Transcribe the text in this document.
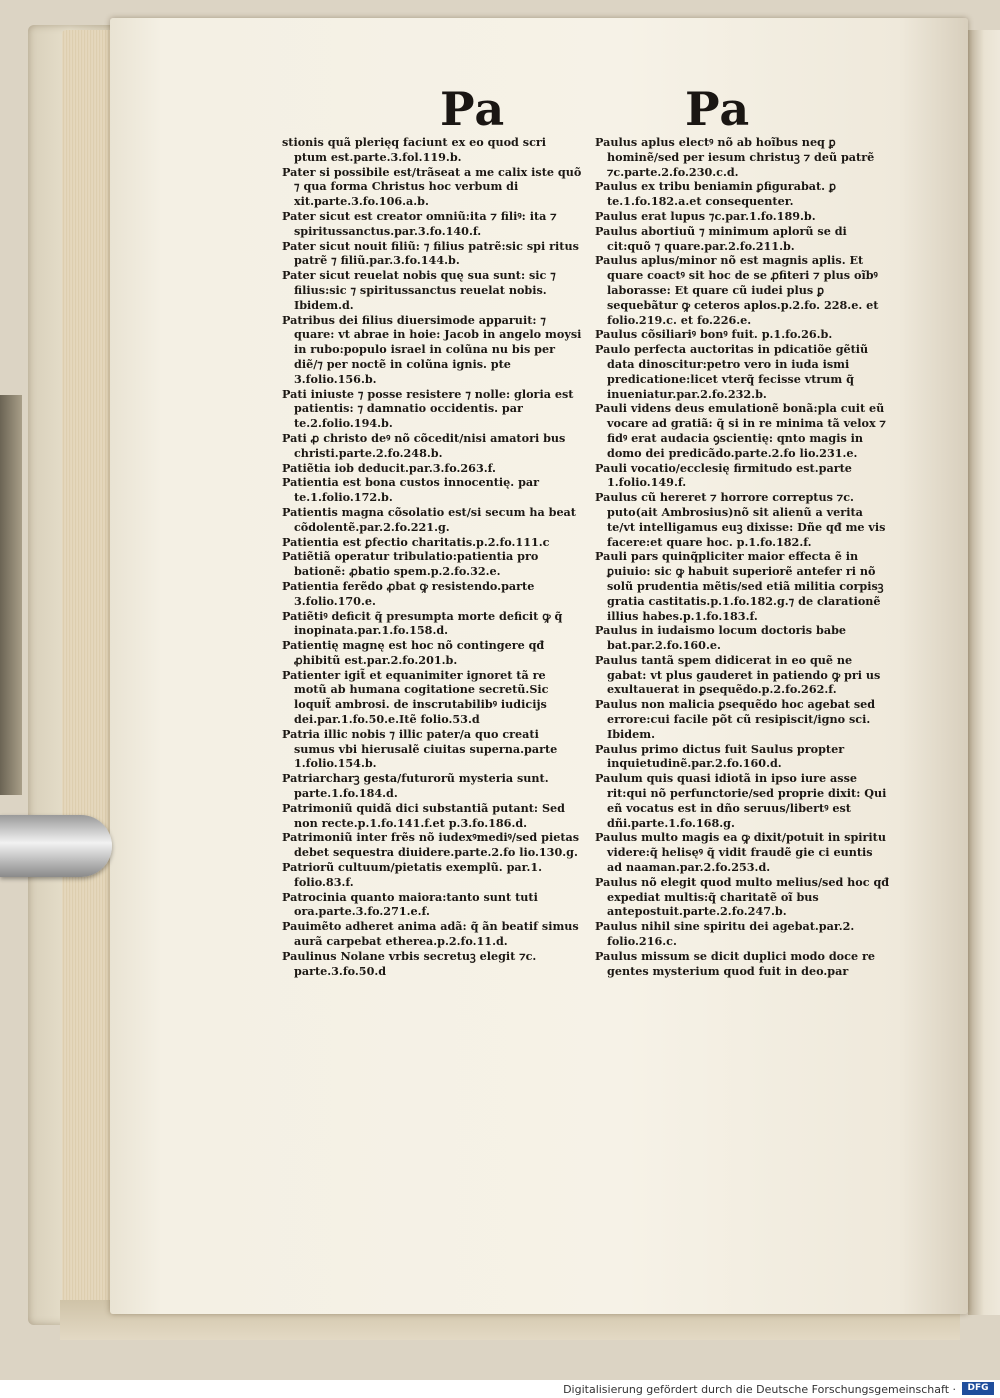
Pa	Pa

stionis quã plerięq faciunt ex eo quod scri ptum est.parte.3.fol.119.b.

Pater si possibile est/trãseat a me calix iste quõ ⁊ qua forma Christus hoc verbum di xit.parte.3.fo.106.a.b.

Pater sicut est creator omniũ:ita ⁊ filiꝰ: ita ⁊ spiritussanctus.par.3.fo.140.f.

Pater sicut nouit filiũ: ⁊ filius patrẽ:sic spi ritus patrẽ ⁊ filiũ.par.3.fo.144.b.

Pater sicut reuelat nobis quę sua sunt: sic ⁊ filius:sic ⁊ spiritussanctus reuelat nobis. Ibidem.d.

Patribus dei filius diuersimode apparuit: ⁊ quare: vt abrae in hoie: Jacob in angelo moysi in rubo:populo israel in colũna nu bis per diẽ/⁊ per noctẽ in colũna ignis. pte 3.folio.156.b.

Pati iniuste ⁊ posse resistere ⁊ nolle: gloria est patientis: ⁊ damnatio occidentis. par te.2.folio.194.b.

Pati ꝓ christo deꝰ nõ cõcedit/nisi amatori bus christi.parte.2.fo.248.b.

Patiẽtia iob deducit.par.3.fo.263.f.

Patientia est bona custos innocentię. par te.1.folio.172.b.

Patientis magna cõsolatio est/si secum ha beat cõdolentẽ.par.2.fo.221.g.

Patientia est ꝑfectio charitatis.p.2.fo.111.c

Patiẽtiã operatur tribulatio:patientia pro bationẽ: ꝓbatio spem.p.2.fo.32.e.

Patientia ferẽdo ꝓbat ꝙ resistendo.parte 3.folio.170.e.

Patiẽtiꝰ deficit q̃ presumpta morte deficit ꝙ q̃ inopinata.par.1.fo.158.d.

Patientię magnę est hoc nõ contingere qđ ꝓhibitũ est.par.2.fo.201.b.

Patienter igit̃ et equanimiter ignoret tã re motũ ab humana cogitatione secretũ.Sic loquit̃ ambrosi. de inscrutabilibꝰ iudicijs dei.par.1.fo.50.e.Itẽ folio.53.d

Patria illic nobis ⁊ illic pater/a quo creati sumus vbi hierusalẽ ciuitas superna.parte 1.folio.154.b.

Patriarcharꝫ gesta/futurorũ mysteria sunt. parte.1.fo.184.d.

Patrimoniũ quidã dici substantiã putant: Sed non recte.p.1.fo.141.f.et p.3.fo.186.d.

Patrimoniũ inter frẽs nõ iudexꝰmediꝰ/sed pietas debet sequestra diuidere.parte.2.fo lio.130.g.

Patriorũ cultuum/pietatis exemplũ. par.1. folio.83.f.

Patrocinia quanto maiora:tanto sunt tuti ora.parte.3.fo.271.e.f.

Pauimẽto adheret anima adã: q̃ ãn beatif simus aurã carpebat etherea.p.2.fo.11.d.

Paulinus Nolane vrbis secretuꝫ elegit ⁊c. parte.3.fo.50.d

Paulus aplus electꝰ nõ ab hoĩbus neq ꝑ hominẽ/sed per iesum christuꝫ ⁊ deũ patrẽ ⁊c.parte.2.fo.230.c.d.

Paulus ex tribu beniamin ꝑfigurabat. ꝑ te.1.fo.182.a.et consequenter.

Paulus erat lupus ⁊c.par.1.fo.189.b.

Paulus abortiuũ ⁊ minimum aplorũ se di cit:quõ ⁊ quare.par.2.fo.211.b.

Paulus aplus/minor nõ est magnis aplis. Et quare coactꝰ sit hoc de se ꝓfiteri ⁊ plus oĩbꝰ laborasse: Et quare cũ iudei plus ꝑ sequebãtur ꝙ ceteros aplos.p.2.fo. 228.e. et folio.219.c. et fo.226.e.

Paulus cõsiliariꝰ bonꝰ fuit. p.1.fo.26.b.

Paulo perfecta auctoritas in pdicatiõe gẽtiũ data dinoscitur:petro vero in iuda ismi predicatione:licet vterq̃ fecisse vtrum q̃ inueniatur.par.2.fo.232.b.

Pauli videns deus emulationẽ bonã:pla cuit eũ vocare ad gratiã: q̃ si in re minima tã velox ⁊ fidꝰ erat audacia ꝯscientię: qnto magis in domo dei predicãdo.parte.2.fo lio.231.e.

Pauli vocatio/ecclesię firmitudo est.parte 1.folio.149.f.

Paulus cũ hereret ⁊ horrore correptus ⁊c. puto(ait Ambrosius)nõ sit alienũ a verita te/vt intelligamus euꝫ dixisse: Dñe qđ me vis facere:et quare hoc. p.1.fo.182.f.

Pauli pars quinq̃pliciter maior effecta ẽ in ꝑuiuio: sic ꝙ habuit superiorẽ antefer ri nõ solũ prudentia mẽtis/sed etiã militia corpisꝫ gratia castitatis.p.1.fo.182.g.⁊ de clarationẽ illius habes.p.1.fo.183.f.

Paulus in iudaismo locum doctoris babe bat.par.2.fo.160.e.

Paulus tantã spem didicerat in eo quẽ ne gabat: vt plus gauderet in patiendo ꝙ pri us exultauerat in ꝑsequẽdo.p.2.fo.262.f.

Paulus non malicia ꝑsequẽdo hoc agebat sed errore:cui facile põt cũ resipiscit/igno sci. Ibidem.

Paulus primo dictus fuit Saulus propter inquietudinẽ.par.2.fo.160.d.

Paulum quis quasi idiotã in ipso iure asse rit:qui nõ perfunctorie/sed proprie dixit: Qui eñ vocatus est in dño seruus/libertꝰ est dñi.parte.1.fo.168.g.

Paulus multo magis ea ꝙ dixit/potuit in spiritu videre:q̃ helisęꝰ q̃ vidit fraudẽ gie ci euntis ad naaman.par.2.fo.253.d.

Paulus nõ elegit quod multo melius/sed hoc qđ expediat multis:q̃ charitatẽ oĩ bus antepostuit.parte.2.fo.247.b.

Paulus nihil sine spiritu dei agebat.par.2. folio.216.c.

Paulus missum se dicit duplici modo doce re gentes mysterium quod fuit in deo.par

Digitalisierung gefördert durch die Deutsche Forschungsgemeinschaft ·	DFG
